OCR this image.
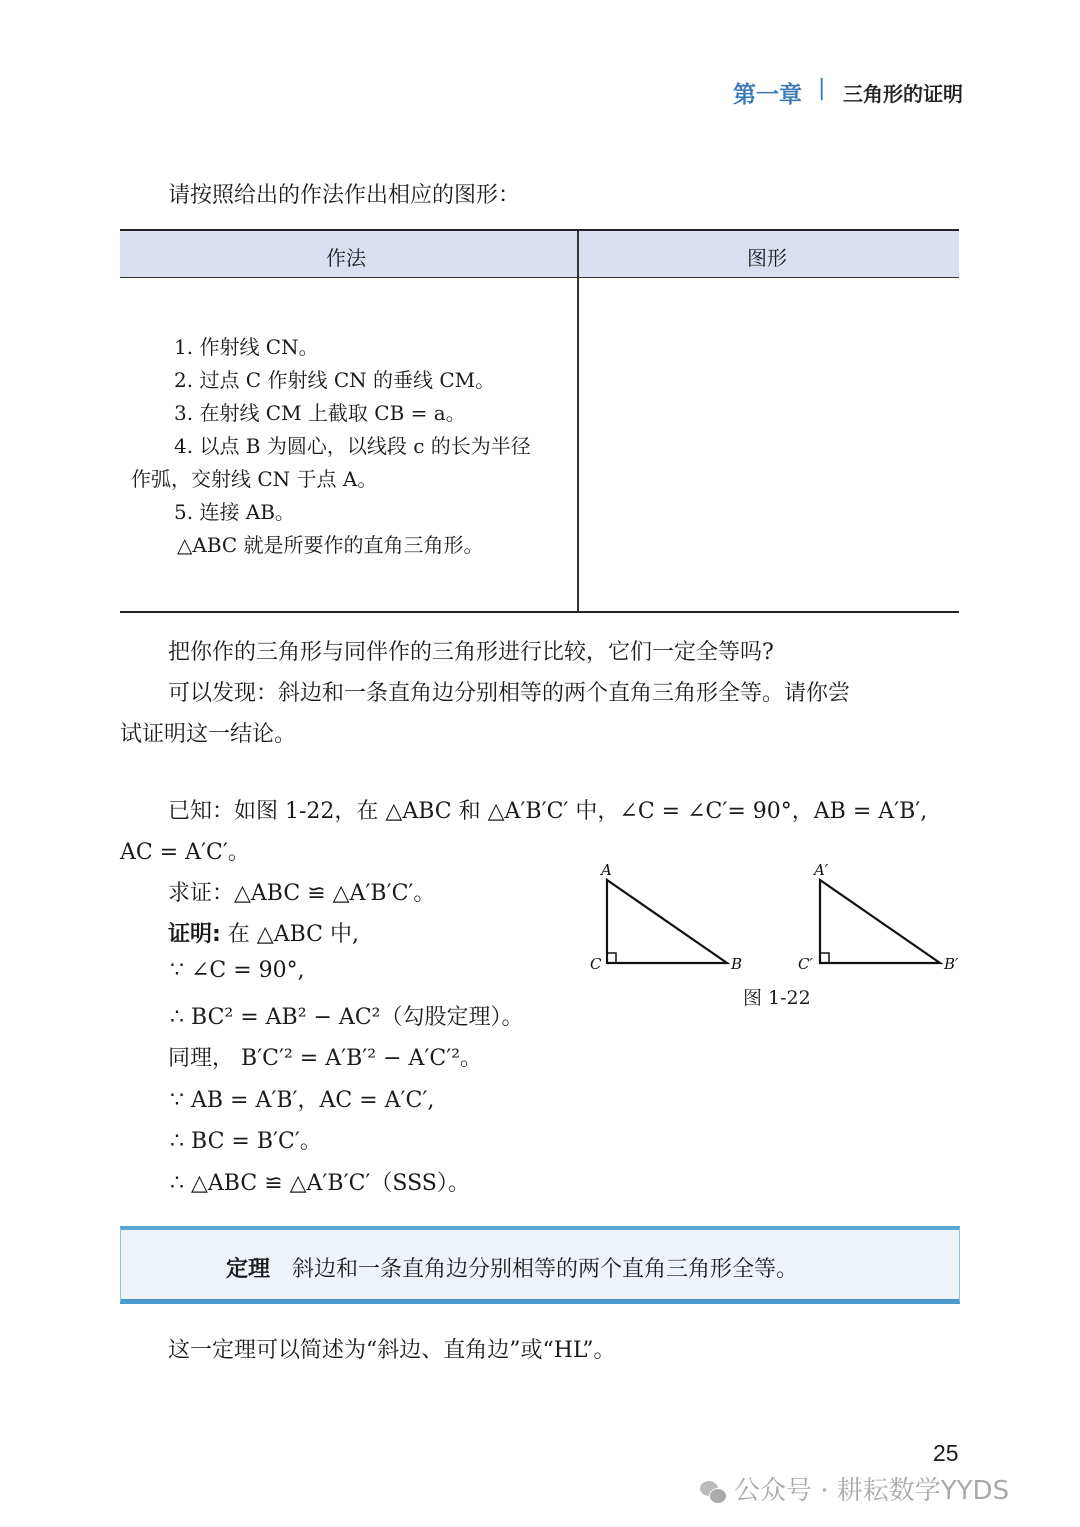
第一章 | 三角形的证明
请按照给出的作法作出相应的图形：
作法	图形
1. 作射线 CN。
2. 过点 C 作射线 CN 的垂线 CM。
3. 在射线 CM 上截取 CB = a。
4. 以点 B 为圆心，以线段 c 的长为半径
作弧，交射线 CN 于点 A。
5. 连接 AB。
△ABC 就是所要作的直角三角形。
把你作的三角形与同伴作的三角形进行比较，它们一定全等吗?
可以发现：斜边和一条直角边分别相等的两个直角三角形全等。请你尝
试证明这一结论。
已知：如图 1-22，在 △ABC 和 △A′B′C′ 中，∠C = ∠C′= 90°，AB = A′B′,
AC = A′C′。
求证：△ABC ≌ △A′B′C′。
证明: 在 △ABC 中,
∵ ∠C = 90°,
∴ BC² = AB² − AC²（勾股定理）。
同理， B′C′² = A′B′² − A′C′²。
∵ AB = A′B′，AC = A′C′,
∴ BC = B′C′。
∴ △ABC ≌ △A′B′C′（SSS）。
A
C	B
A′
C′	B′
图 1-22
定理 斜边和一条直角边分别相等的两个直角三角形全等。
这一定理可以简述为“斜边、直角边”或“HL”。
25
公众号 · 耕耘数学YYDS
